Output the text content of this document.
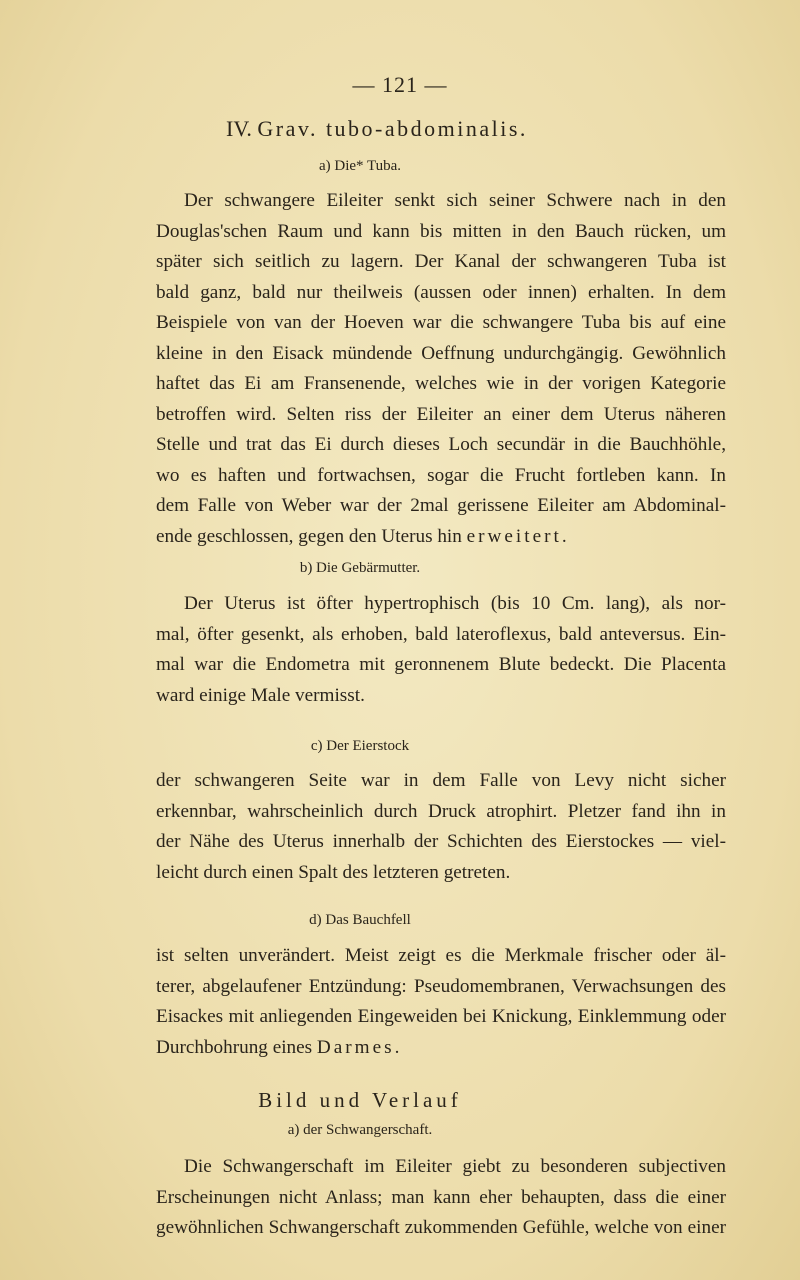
— 121 —
IV. Grav. tubo-abdominalis.
a) Die* Tuba.

Der schwangere Eileiter senkt sich seiner Schwere nach in den
Douglas'schen Raum und kann bis mitten in den Bauch rücken, um
später sich seitlich zu lagern. Der Kanal der schwangeren Tuba ist
bald ganz, bald nur theilweis (aussen oder innen) erhalten. In dem
Beispiele von van der Hoeven war die schwangere Tuba bis auf eine
kleine in den Eisack mündende Oeffnung undurchgängig. Gewöhnlich
haftet das Ei am Fransenende, welches wie in der vorigen Kategorie
betroffen wird. Selten riss der Eileiter an einer dem Uterus näheren
Stelle und trat das Ei durch dieses Loch secundär in die Bauchhöhle,
wo es haften und fortwachsen, sogar die Frucht fortleben kann. In
dem Falle von Weber war der 2mal gerissene Eileiter am Abdominal-
ende geschlossen, gegen den Uterus hin erweitert.

b) Die Gebärmutter.

Der Uterus ist öfter hypertrophisch (bis 10 Cm. lang), als nor-
mal, öfter gesenkt, als erhoben, bald lateroflexus, bald anteversus. Ein-
mal war die Endometra mit geronnenem Blute bedeckt. Die Placenta
ward einige Male vermisst.

c) Der Eierstock

der schwangeren Seite war in dem Falle von Levy nicht sicher
erkennbar, wahrscheinlich durch Druck atrophirt. Pletzer fand ihn in
der Nähe des Uterus innerhalb der Schichten des Eierstockes — viel-
leicht durch einen Spalt des letzteren getreten.

d) Das Bauchfell

ist selten unverändert. Meist zeigt es die Merkmale frischer oder äl-
terer, abgelaufener Entzündung: Pseudomembranen, Verwachsungen des
Eisackes mit anliegenden Eingeweiden bei Knickung, Einklemmung oder
Durchbohrung eines Darmes.

Bild und Verlauf
a) der Schwangerschaft.

Die Schwangerschaft im Eileiter giebt zu besonderen subjectiven
Erscheinungen nicht Anlass; man kann eher behaupten, dass die einer
gewöhnlichen Schwangerschaft zukommenden Gefühle, welche von einer
